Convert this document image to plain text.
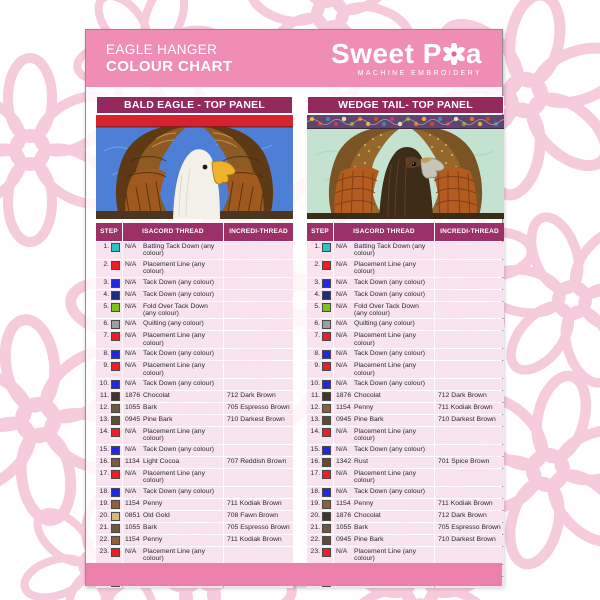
EAGLE HANGER
COLOUR CHART	Sweet P a
MACHINE EMBROIDERY
BALD EAGLE - TOP PANEL
STEP	ISACORD THREAD	INCREDI-THREAD
1. N/A Batting Tack Down (any colour)
2. N/A Placement Line (any colour)
3. N/A Tack Down (any colour)
4. N/A Tack Down (any colour)
5. N/A Fold Over Tack Down (any colour)
6. N/A Quilting (any colour)
7. N/A Placement Line (any colour)
8. N/A Tack Down (any colour)
9. N/A Placement Line (any colour)
10. N/A Tack Down (any colour)
11. 1876 Chocolat	712 Dark Brown
12. 1055 Bark	705 Espresso Brown
13. 0945 Pine Bark	710 Darkest Brown
14. N/A Placement Line (any colour)
15. N/A Tack Down (any colour)
16. 1134 Light Cocoa	707 Reddish Brown
17. N/A Placement Line (any colour)
18. N/A Tack Down (any colour)
19. 1154 Penny	711 Kodiak Brown
20. 0851 Old Gold	708 Fawn Brown
21. 1055 Bark	705 Espresso Brown
22. 1154 Penny	711 Kodiak Brown
23. N/A Placement Line (any colour)
WEDGE TAIL- TOP PANEL
STEP	ISACORD THREAD	INCREDI-THREAD
1. N/A Batting Tack Down (any colour)
2. N/A Placement Line (any colour)
3. N/A Tack Down (any colour)
4. N/A Tack Down (any colour)
5. N/A Fold Over Tack Down (any colour)
6. N/A Quilting (any colour)
7. N/A Placement Line (any colour)
8. N/A Tack Down (any colour)
9. N/A Placement Line (any colour)
10. N/A Tack Down (any colour)
11. 1876 Chocolat	712 Dark Brown
12. 1154 Penny	711 Kodiak Brown
13. 0945 Pine Bark	710 Darkest Brown
14. N/A Placement Line (any colour)
15. N/A Tack Down (any colour)
16. 1342 Rust	701 Spice Brown
17. N/A Placement Line (any colour)
18. N/A Tack Down (any colour)
19. 1154 Penny	711 Kodiak Brown
20. 1876 Chocolat	712 Dark Brown
21. 1055 Bark	705 Espresso Brown
22. 0945 Pine Bark	710 Darkest Brown
23. N/A Placement Line (any colour)
